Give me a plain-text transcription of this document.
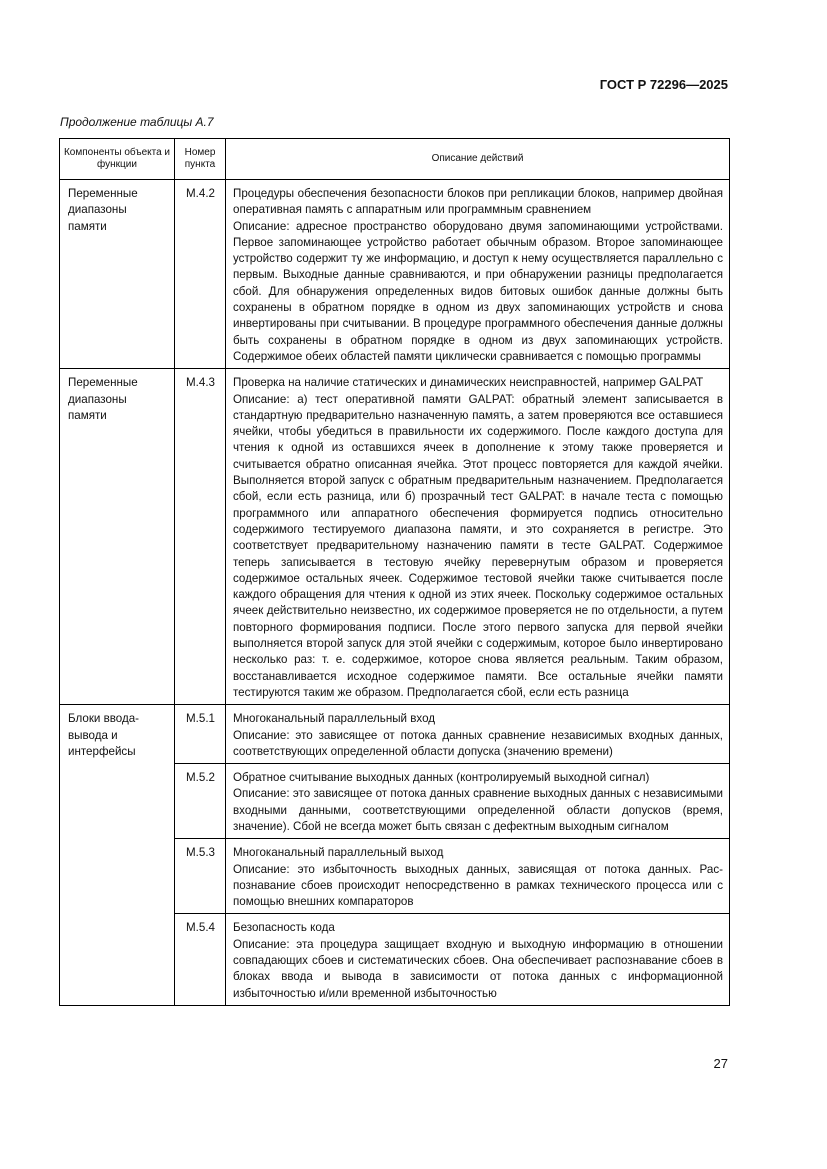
ГОСТ Р 72296—2025
Продолжение таблицы А.7
Компоненты объекта и функции	Номер пункта	Описание действий
Переменные диапазоны памяти	М.4.2	Процедуры обеспечения безопасности блоков при репликации блоков, например двойная оперативная память с аппаратным или программным сравнением

Описание: адресное пространство оборудовано двумя запоминающими устройствами. Первое запоминающее устройство работает обычным образом. Второе запоминающее устройство содержит ту же информацию, и доступ к нему осуществляется параллельно с первым. Выходные данные сравниваются, и при обнаружении разницы предполагается сбой. Для обнаружения определенных видов битовых ошибок данные должны быть сохранены в обратном порядке в одном из двух запоминающих устройств и снова инвертированы при считывании. В процедуре программного обеспечения данные должны быть сохранены в обратном порядке в одном из двух запоминающих устройств. Содержимое обеих областей памяти циклически сравнивается с помощью программы

Переменные диапазоны памяти	М.4.3	Проверка на наличие статических и динамических неисправностей, например GALPAT

Описание: а) тест оперативной памяти GALPAT: обратный элемент записывается в стандартную предварительно назначенную память, а затем проверяются все оставшиеся ячейки, чтобы убедиться в правильности их содержимого. После каждого доступа для чтения к одной из оставшихся ячеек в дополнение к этому также проверяется и считывается обратно описанная ячейка. Этот процесс повторяется для каждой ячейки. Выполняется второй запуск с обратным предварительным назначением. Предполагается сбой, если есть разница, или б) прозрачный тест GALPAT: в начале теста с помощью программного или аппаратного обеспечения формируется подпись относительно содержимого тестируемого диапазона памяти, и это сохраняется в регистре. Это соответствует предварительному назначению памяти в тесте GALPAT. Содержимое теперь записывается в тестовую ячейку перевернутым образом и проверяется содержимое остальных ячеек. Содержимое тестовой ячейки также считывается после каждого обращения для чтения к одной из этих ячеек. Поскольку содержимое остальных ячеек действительно неизвестно, их содержимое проверяется не по отдельности, а путем повторного формирования подписи. После этого первого запуска для первой ячейки выполняется второй запуск для этой ячейки с содержимым, которое было инвертировано несколько раз: т. е. содержимое, которое снова является реальным. Таким образом, восстанавливается исходное содержимое памяти. Все остальные ячейки памяти тестируются таким же образом. Предполагается сбой, если есть разница

Блоки ввода-вывода и интерфейсы	М.5.1	Многоканальный параллельный вход

Описание: это зависящее от потока данных сравнение независимых входных данных, соответствующих определенной области допуска (значению времени)

	М.5.2	Обратное считывание выходных данных (контролируемый выходной сигнал)

Описание: это зависящее от потока данных сравнение выходных данных с независимыми входными данными, соответствующими определенной области допусков (время, значение). Сбой не всегда может быть связан с дефектным выходным сигналом

	М.5.3	Многоканальный параллельный выход

Описание: это избыточность выходных данных, зависящая от потока данных. Распознавание сбоев происходит непосредственно в рамках технического процесса или с помощью внешних компараторов

	М.5.4	Безопасность кода

Описание: эта процедура защищает входную и выходную информацию в отношении совпадающих сбоев и систематических сбоев. Она обеспечивает распознавание сбоев в блоках ввода и вывода в зависимости от потока данных с информационной избыточностью и/или временной избыточностью

27
